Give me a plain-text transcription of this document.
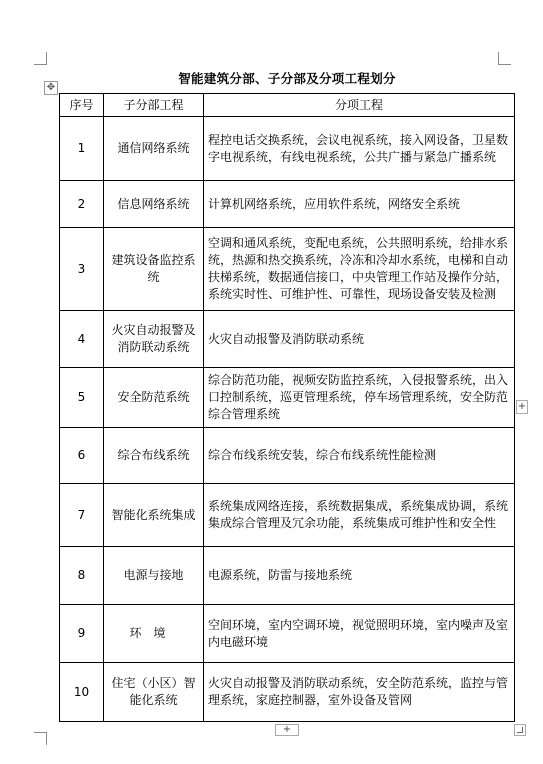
✥
智能建筑分部、子分部及分项工程划分
序号	子分部工程	分项工程
1	通信网络系统	程控电话交换系统，会议电视系统，接入网设备，卫星数字电视系统，有线电视系统，公共广播与紧急广播系统
2	信息网络系统	计算机网络系统，应用软件系统，网络安全系统
3	建筑设备监控系统	空调和通风系统，变配电系统，公共照明系统，给排水系统，热源和热交换系统，冷冻和冷却水系统，电梯和自动扶梯系统，数据通信接口，中央管理工作站及操作分站，系统实时性、可维护性、可靠性，现场设备安装及检测
4	火灾自动报警及消防联动系统	火灾自动报警及消防联动系统
5	安全防范系统	综合防范功能，视频安防监控系统，入侵报警系统，出入口控制系统，巡更管理系统，停车场管理系统，安全防范综合管理系统
6	综合布线系统	综合布线系统安装，综合布线系统性能检测
7	智能化系统集成	系统集成网络连接，系统数据集成，系统集成协调，系统集成综合管理及冗余功能，系统集成可维护性和安全性
8	电源与接地	电源系统，防雷与接地系统
9	环境	空间环境，室内空调环境，视觉照明环境，室内噪声及室内电磁环境
10	住宅（小区）智能化系统	火灾自动报警及消防联动系统，安全防范系统，监控与管理系统，家庭控制器，室外设备及管网
+
+
